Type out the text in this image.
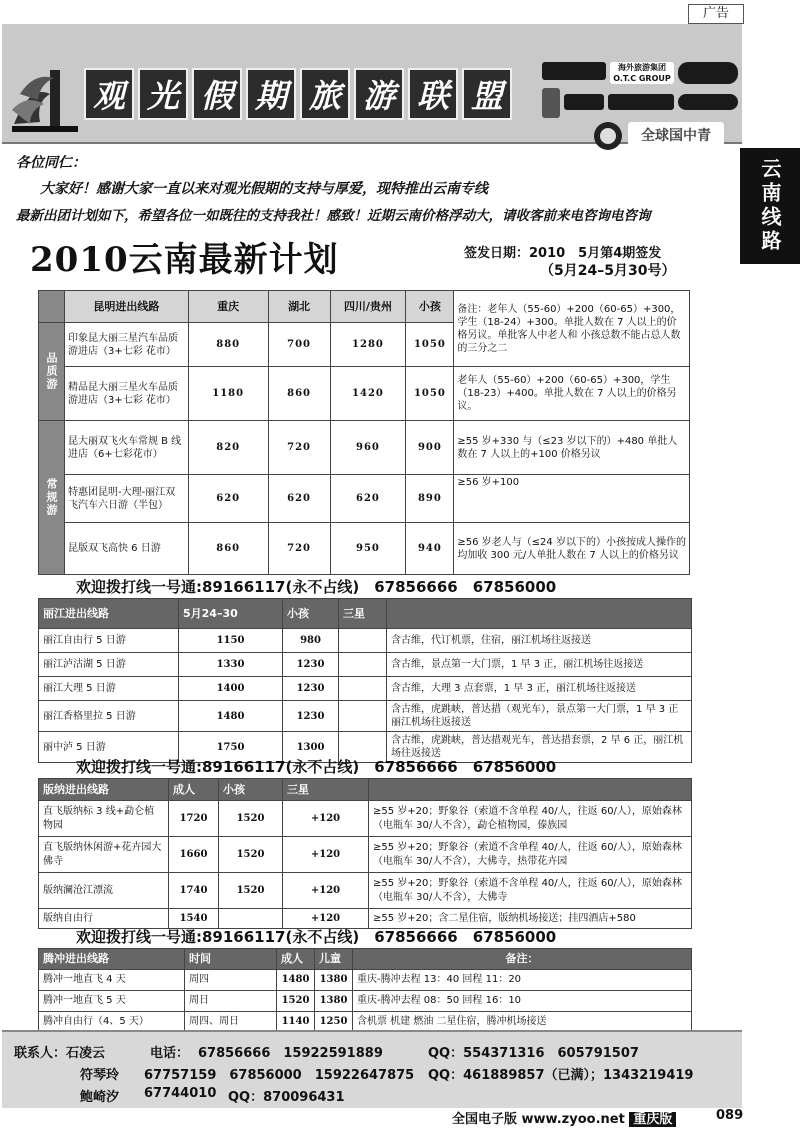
广告
观 光 假 期 旅 游 联 盟
海外旅游集团 O.T.C GROUP
全球国中青
云南线路
各位同仁：
大家好！感谢大家一直以来对观光假期的支持与厚爱，现特推出云南专线
最新出团计划如下，希望各位一如既往的支持我社！感致！近期云南价格浮动大，请收客前来电咨询电咨询
2010云南最新计划	签发日期：2010　5月第4期签发
（5月24–5月30号）
	昆明进出线路	重庆	湖北	四川/贵州	小孩	备注：老年人（55-60）+200（60-65）+300，学生（18-24）+300。单批人数在 7 人以上的价格另议。单批客人中老人和 小孩总数不能占总人数的三分之二
品质游	印象昆大丽三星汽车品质游进店（3+七彩 花市）	880	700	1280	1050	
	精品昆大丽三星火车品质游进店（3+七彩 花市）	1180	860	1420	1050	老年人（55-60）+200（60-65）+300，学生（18-23）+400。单批人数在 7 人以上的价格另议。
常规游	昆大丽双飞火车常规 B 线进店（6+七彩花市）	820	720	960	900	≥55 岁+330 与（≤23 岁以下的）+480 单批人数在 7 人以上的+100 价格另议
	特惠团昆明-大理-丽江双飞汽车六日游（半包）	620	620	620	890	≥56 岁+100
	昆版双飞高快 6 日游	860	720	950	940	≥56 岁老人与（≤24 岁以下的）小孩按成人操作的均加收 300 元/人单批人数在 7 人以上的价格另议
欢迎拨打线一号通:89166117(永不占线)　67856666　67856000
丽江进出线路	5月24–30	小孩	三星	
丽江自由行 5 日游	1150	980		含古维，代订机票，住宿，丽江机场往返接送
丽江泸沽湖 5 日游	1330	1230		含古维，景点第一大门票，1 早 3 正，丽江机场往返接送
丽江大理 5 日游	1400	1230		含古维，大理 3 点套票，1 早 3 正，丽江机场往返接送
丽江香格里拉 5 日游	1480	1230		含古维，虎跳峡，普达措（观光车），景点第一大门票，1 早 3 正丽江机场往返接送
丽中泸 5 日游	1750	1300		含古维，虎跳峡，普达措观光车，普达措套票，2 早 6 正，丽江机场往返接送
欢迎拨打线一号通:89166117(永不占线)　67856666　67856000
版纳进出线路	成人	小孩	三星	
直飞版纳标 3 线+勐仑植物园	1720	1520	+120	≥55 岁+20；野象谷（索道不含单程 40/人，往返 60/人），原始森林（电瓶车 30/人不含），勐仑植物园，傣族园
直飞版纳休闲游+花卉园大佛寺	1660	1520	+120	≥55 岁+20；野象谷（索道不含单程 40/人，往返 60/人），原始森林（电瓶车 30/人不含），大佛寺，热带花卉园
版纳澜沧江漂流	1740	1520	+120	≥55 岁+20；野象谷（索道不含单程 40/人，往返 60/人），原始森林（电瓶车 30/人不含），大佛寺
版纳自由行	1540		+120	≥55 岁+20；含二星住宿，版纳机场接送；挂四酒店+580
欢迎拨打线一号通:89166117(永不占线)　67856666　67856000
腾冲进出线路	时间	成人	儿童	备注：
腾冲一地直飞 4 天	周四	1480	1380	重庆-腾冲去程 13：40 回程 11：20
腾冲一地直飞 5 天	周日	1520	1380	重庆-腾冲去程 08：50 回程 16：10
腾冲自由行（4、5 天）	周四、周日	1140	1250	含机票 机建 燃油 二星住宿，腾冲机场接送
联系人：石凌云	电话： 67856666　15922591889	QQ：554371316　605791507
符琴玲 67757159　67856000　15922647875 QQ：461889857（已满）；1343219419
鲍崎汐 67744010 QQ：870096431
全国电子版 www.zyoo.net 重庆版	089
